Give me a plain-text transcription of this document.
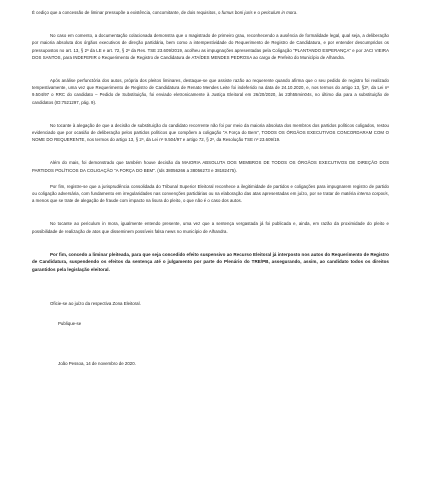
É cediço que a concessão de liminar pressupõe a existência, concomitante, de dois requisitos, o fumus boni juris e o periculum in mora.

No caso em comento, a documentação colacionada demonstra que o magistrado de primeiro grau, reconhecendo a ausência de formalidade legal, qual seja, a deliberação por maioria absoluta dos órgãos executivos de direção partidária, bem como a intempestividade do Requerimento de Registro de Candidatura, e por entender descumpridos os pressupostos no art. 13, § 2º da LE e art. 72, § 2º da Res. TSE 23.609/2019, acolheu as impugnações apresentadas pela Coligação "PLANTANDO ESPERANÇA" e por JACI VIEIRA DOS SANTOS, para INDEFERIR o Requerimento de Registro de Candidatura de ATAÍDES MENDES PEDROSA ao cargo de Prefeito do Município de Alhandra.

Após análise perfunctória dos autos, própria dos pleitos liminares, destaque-se que assiste razão ao requerente quando afirma que o seu pedido de registro foi realizado tempestivamente, uma vez que Requerimento de Registro de Candidatura de Renato Mendes Leite foi indeferido na data de 24.10.2020, e, nos termos do artigo 13, §2º, da Lei nº 9.504/97 o RRC do candidato – Pedido de Substituição, foi enviado eletronicamente à Justiça Eleitoral em 26/20/2020, às 23h55min04s, no último dia para a substituição de candidatos (ID:7521297, pág. 9).

No tocante à alegação de que a decisão de substituição do candidato recorrente não foi por meio da maioria absoluta dos membros dos partidos políticos coligados, restou evidenciado que por ocasião de deliberação pelos partidos políticos que compõem a coligação "A Força do Bem", TODOS OS ÓRGÃOS EXECUTIVOS CONCORDARAM COM O NOME DO REQUERENTE, nos termos do artigo 13, § 2º, da Lei nº 9.504/97 e artigo 72, § 2º, da Resolução TSE nº 23.609/19.

Além do mais, foi demonstrado que também houve decisão da MAIORIA ABSOLUTA DOS MEMBROS DE TODOS OS ÓRGÃOS EXECUTIVOS DE DIREÇÃO DOS PARTIDOS POLÍTICOS DA COLIGAÇÃO "A FORÇA DO BEM". (Ids 38056266 a 38056273 e 38182475).

Por fim, registre-se que a jurisprudência consolidada do Tribunal Superior Eleitoral reconhece a ilegitimidade de partidos e coligações para impugnarem registro de partido ou coligação adversária, com fundamento em irregularidades nas convenções partidárias ou na elaboração das atas apresentadas em juízo, por se tratar de matéria interna corporis, a menos que se trate de alegação de fraude com impacto na lisura do pleito, o que não é o caso dos autos.

No tocante ao periculum in mora, igualmente entendo presente, uma vez que a sentença vergastada já foi publicada e, ainda, em razão da proximidade do pleito e possibilidade de realização de atos que disseminem possíveis falsa news no município de Alhandra.

Por fim, concedo a liminar pleiteada, para que seja concedido efeito suspensivo ao Recurso Eleitoral já interposto nos autos do Requerimento de Registro de Candidatura, suspendendo os efeitos da sentença até o julgamento por parte do Plenário do TRE/PB, assegurando, assim, ao candidato todos os direitos garantidos pela legislação eleitoral.

Oficie-se ao juízo da respectiva Zona Eleitoral.

Publique-se

João Pessoa, 14 de novembro de 2020.
